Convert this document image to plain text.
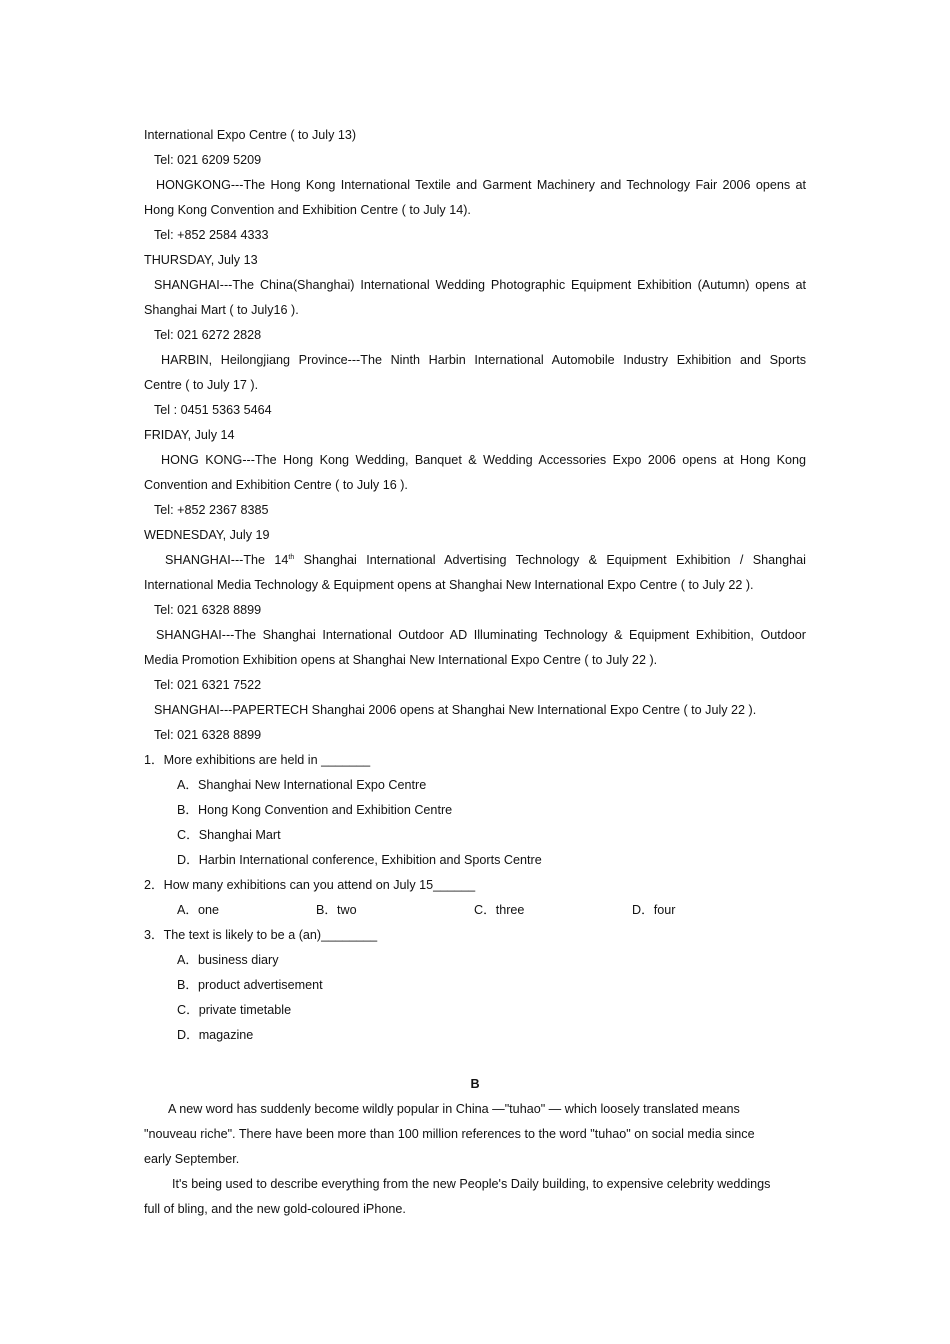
International Expo Centre ( to July 13)
Tel: 021 6209 5209
HONGKONG---The Hong Kong International Textile and Garment Machinery and Technology Fair 2006 opens at
Hong Kong Convention and Exhibition Centre ( to July 14).
Tel: +852 2584 4333
THURSDAY, July 13
SHANGHAI---The China(Shanghai) International Wedding Photographic Equipment Exhibition (Autumn) opens at
Shanghai Mart ( to July16 ).
Tel: 021 6272 2828
HARBIN, Heilongjiang Province---The Ninth Harbin International Automobile Industry Exhibition and Sports
Centre ( to July 17 ).
Tel : 0451 5363 5464
FRIDAY, July 14
HONG KONG---The Hong Kong Wedding, Banquet & Wedding Accessories Expo 2006 opens at Hong Kong
Convention and Exhibition Centre ( to July 16 ).
Tel: +852 2367 8385
WEDNESDAY, July 19
SHANGHAI---The 14th Shanghai International Advertising Technology & Equipment Exhibition / Shanghai
International Media Technology & Equipment opens at Shanghai New International Expo Centre ( to July 22 ).
Tel: 021 6328 8899
SHANGHAI---The Shanghai International Outdoor AD Illuminating Technology & Equipment Exhibition, Outdoor
Media Promotion Exhibition opens at Shanghai New International Expo Centre ( to July 22 ).
Tel: 021 6321 7522
SHANGHAI---PAPERTECH Shanghai 2006 opens at Shanghai New International Expo Centre ( to July 22 ).
Tel: 021 6328 8899
1．More exhibitions are held in _______
A．Shanghai New International Expo Centre
B．Hong Kong Convention and Exhibition Centre
C．Shanghai Mart
D．Harbin International conference, Exhibition and Sports Centre
2．How many exhibitions can you attend on July 15______
A．one	B．two	C．three	D．four
3．The text is likely to be a (an)________
A．business diary
B．product advertisement
C．private timetable
D．magazine
B
A new word has suddenly become wildly popular in China —"tuhao" — which loosely translated means
"nouveau riche". There have been more than 100 million references to the word "tuhao" on social media since
early September.
It's being used to describe everything from the new People's Daily building, to expensive celebrity weddings
full of bling, and the new gold-coloured iPhone.
